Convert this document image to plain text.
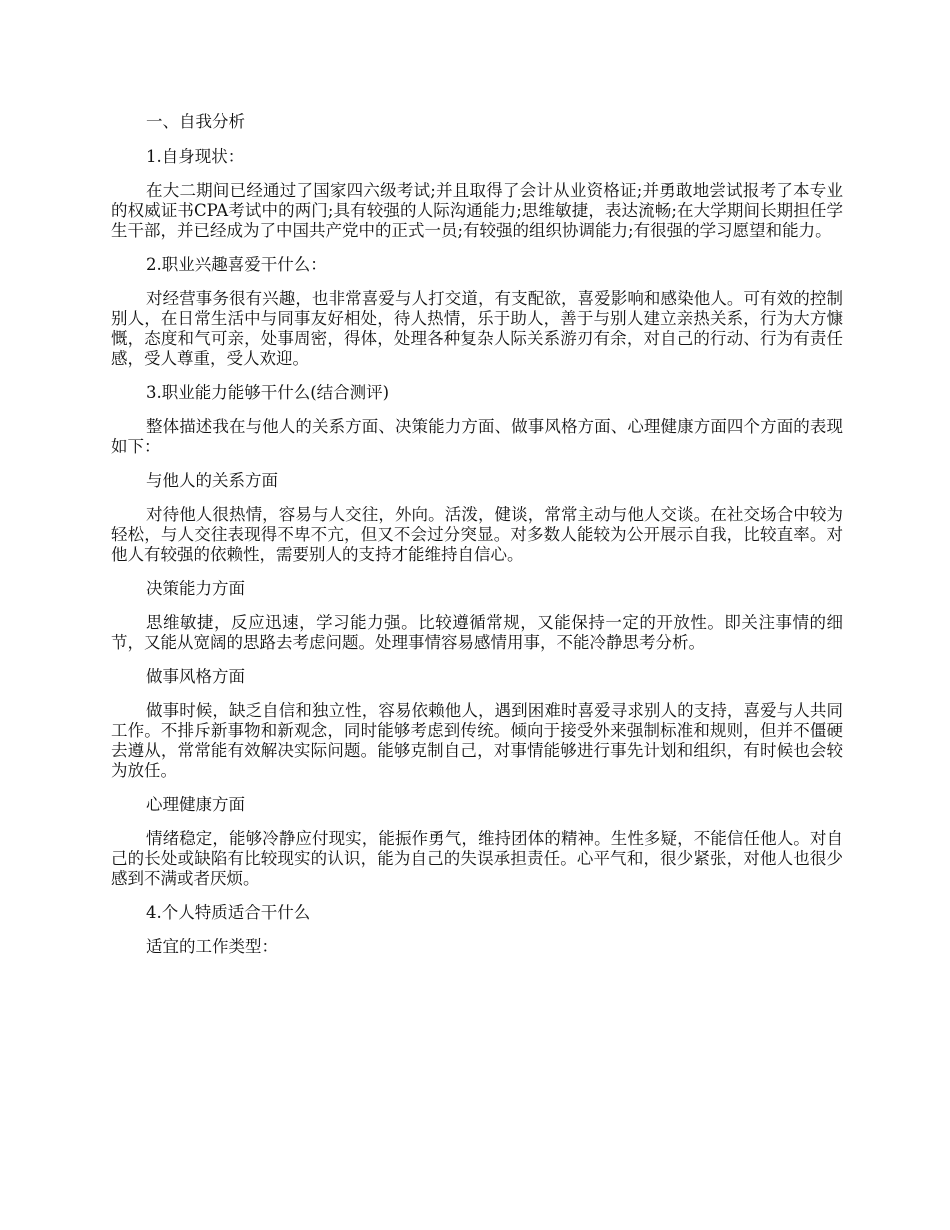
一、自我分析

1.自身现状：

在大二期间已经通过了国家四六级考试;并且取得了会计从业资格证;并勇敢地尝试报考了本专业的权威证书CPA考试中的两门;具有较强的人际沟通能力;思维敏捷，表达流畅;在大学期间长期担任学生干部，并已经成为了中国共产党中的正式一员;有较强的组织协调能力;有很强的学习愿望和能力。

2.职业兴趣喜爱干什么：

对经营事务很有兴趣，也非常喜爱与人打交道，有支配欲，喜爱影响和感染他人。可有效的控制别人，在日常生活中与同事友好相处，待人热情，乐于助人，善于与别人建立亲热关系，行为大方慷慨，态度和气可亲，处事周密，得体，处理各种复杂人际关系游刃有余，对自己的行动、行为有责任感，受人尊重，受人欢迎。

3.职业能力能够干什么(结合测评)

整体描述我在与他人的关系方面、决策能力方面、做事风格方面、心理健康方面四个方面的表现如下：

与他人的关系方面

对待他人很热情，容易与人交往，外向。活泼，健谈，常常主动与他人交谈。在社交场合中较为轻松，与人交往表现得不卑不亢，但又不会过分突显。对多数人能较为公开展示自我，比较直率。对他人有较强的依赖性，需要别人的支持才能维持自信心。

决策能力方面

思维敏捷，反应迅速，学习能力强。比较遵循常规，又能保持一定的开放性。即关注事情的细节，又能从宽阔的思路去考虑问题。处理事情容易感情用事，不能冷静思考分析。

做事风格方面

做事时候，缺乏自信和独立性，容易依赖他人，遇到困难时喜爱寻求别人的支持，喜爱与人共同工作。不排斥新事物和新观念，同时能够考虑到传统。倾向于接受外来强制标准和规则，但并不僵硬去遵从，常常能有效解决实际问题。能够克制自己，对事情能够进行事先计划和组织，有时候也会较为放任。

心理健康方面

情绪稳定，能够冷静应付现实，能振作勇气，维持团体的精神。生性多疑，不能信任他人。对自己的长处或缺陷有比较现实的认识，能为自己的失误承担责任。心平气和，很少紧张，对他人也很少感到不满或者厌烦。

4.个人特质适合干什么

适宜的工作类型：
